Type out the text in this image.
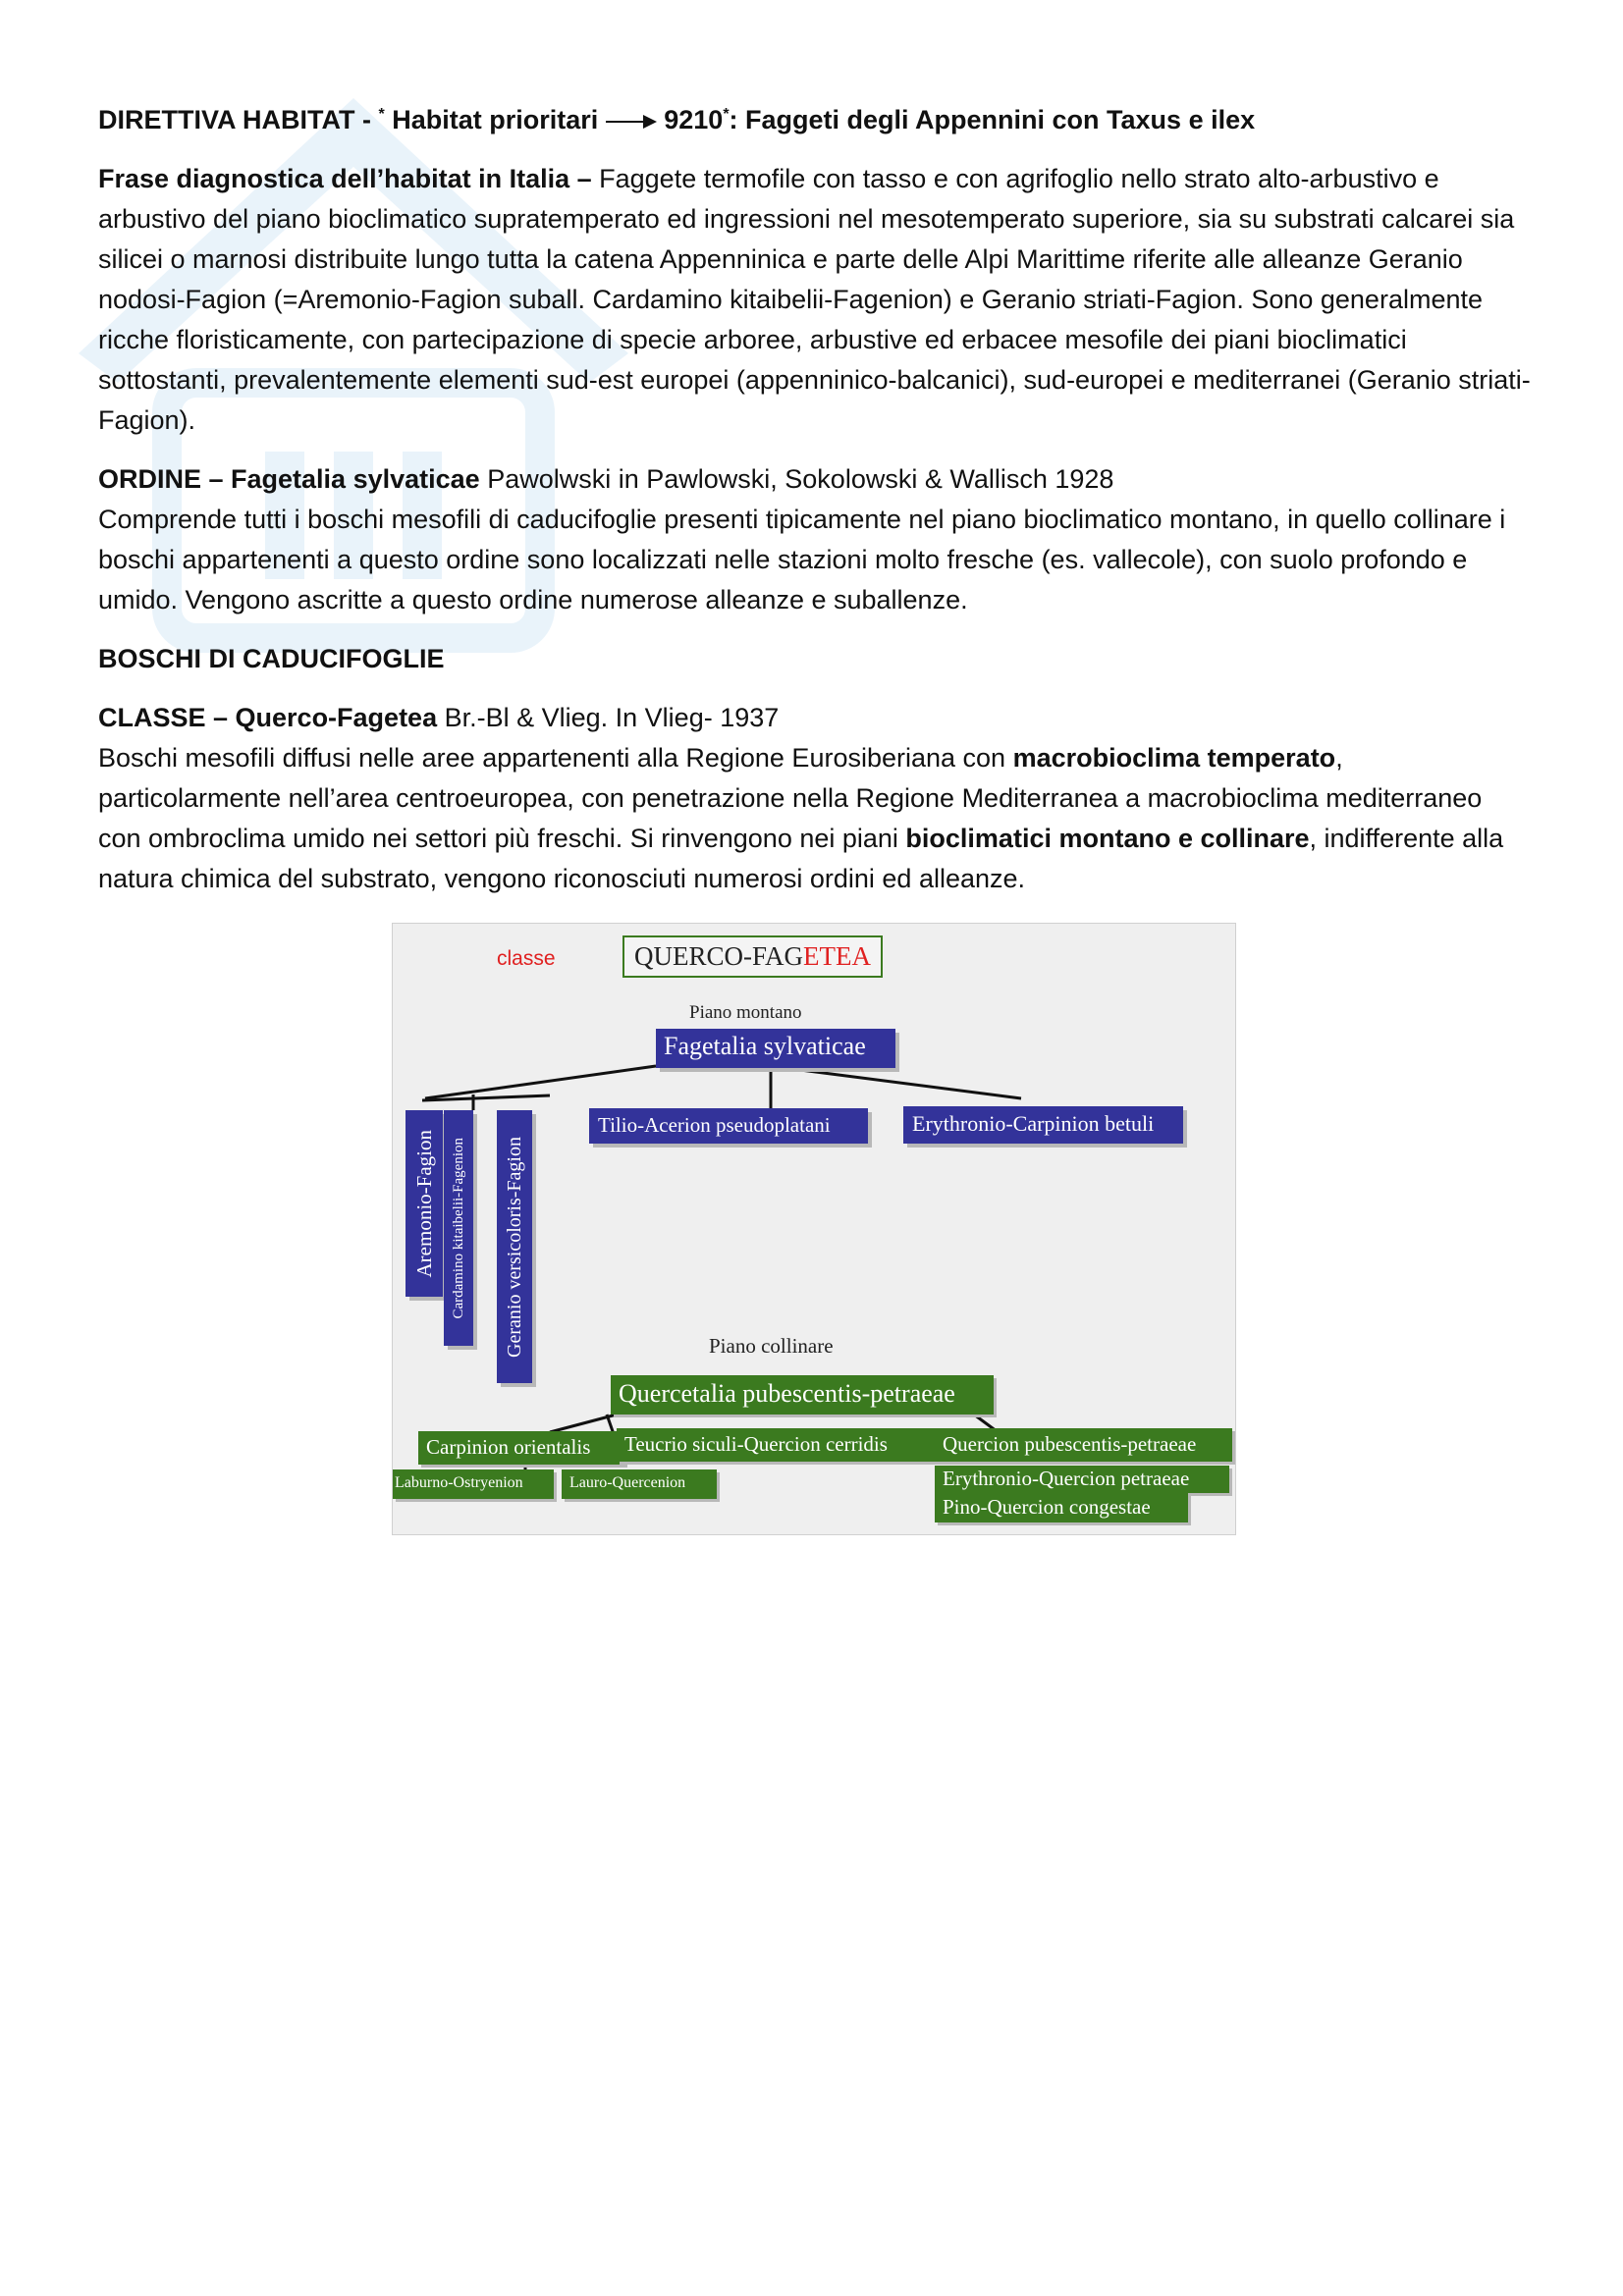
DIRETTIVA HABITAT - * Habitat prioritari 9210*: Faggeti degli Appennini con Taxus e ilex

Frase diagnostica dell’habitat in Italia – Faggete termofile con tasso e con agrifoglio nello strato alto-arbustivo e arbustivo del piano bioclimatico supratemperato ed ingressioni nel mesotemperato superiore, sia su substrati calcarei sia silicei o marnosi distribuite lungo tutta la catena Appenninica e parte delle Alpi Marittime riferite alle alleanze Geranio nodosi-Fagion (=Aremonio-Fagion suball. Cardamino kitaibelii-Fagenion) e Geranio striati-Fagion. Sono generalmente ricche floristicamente, con partecipazione di specie arboree, arbustive ed erbacee mesofile dei piani bioclimatici sottostanti, prevalentemente elementi sud-est europei (appenninico-balcanici), sud-europei e mediterranei (Geranio striati-Fagion).

ORDINE – Fagetalia sylvaticae Pawolwski in Pawlowski, Sokolowski & Wallisch 1928

Comprende tutti i boschi mesofili di caducifoglie presenti tipicamente nel piano bioclimatico montano, in quello collinare i boschi appartenenti a questo ordine sono localizzati nelle stazioni molto fresche (es. vallecole), con suolo profondo e umido. Vengono ascritte a questo ordine numerose alleanze e suballenze.

BOSCHI DI CADUCIFOGLIE

CLASSE – Querco-Fagetea Br.-Bl & Vlieg. In Vlieg- 1937

Boschi mesofili diffusi nelle aree appartenenti alla Regione Eurosiberiana con macrobioclima temperato, particolarmente nell’area centroeuropea, con penetrazione nella Regione Mediterranea a macrobioclima mediterraneo con ombroclima umido nei settori più freschi. Si rinvengono nei piani bioclimatici montano e collinare, indifferente alla natura chimica del substrato, vengono riconosciuti numerosi ordini ed alleanze.

classe	QUERCO-FAGETEA
Piano montano
Fagetalia sylvaticae
Aremonio-Fagion Cardamino kitaibelii-Fagenion Geranio versicoloris-Fagion
Tilio-Acerion pseudoplatani	Erythronio-Carpinion betuli
Piano collinare
Quercetalia pubescentis-petraeae
Carpinion orientalis	Teucrio siculi-Quercion cerridis	Quercion pubescentis-petraeae
Laburno-Ostryenion	Lauro-Quercenion	Erythronio-Quercion petraeae
Pino-Quercion congestae
